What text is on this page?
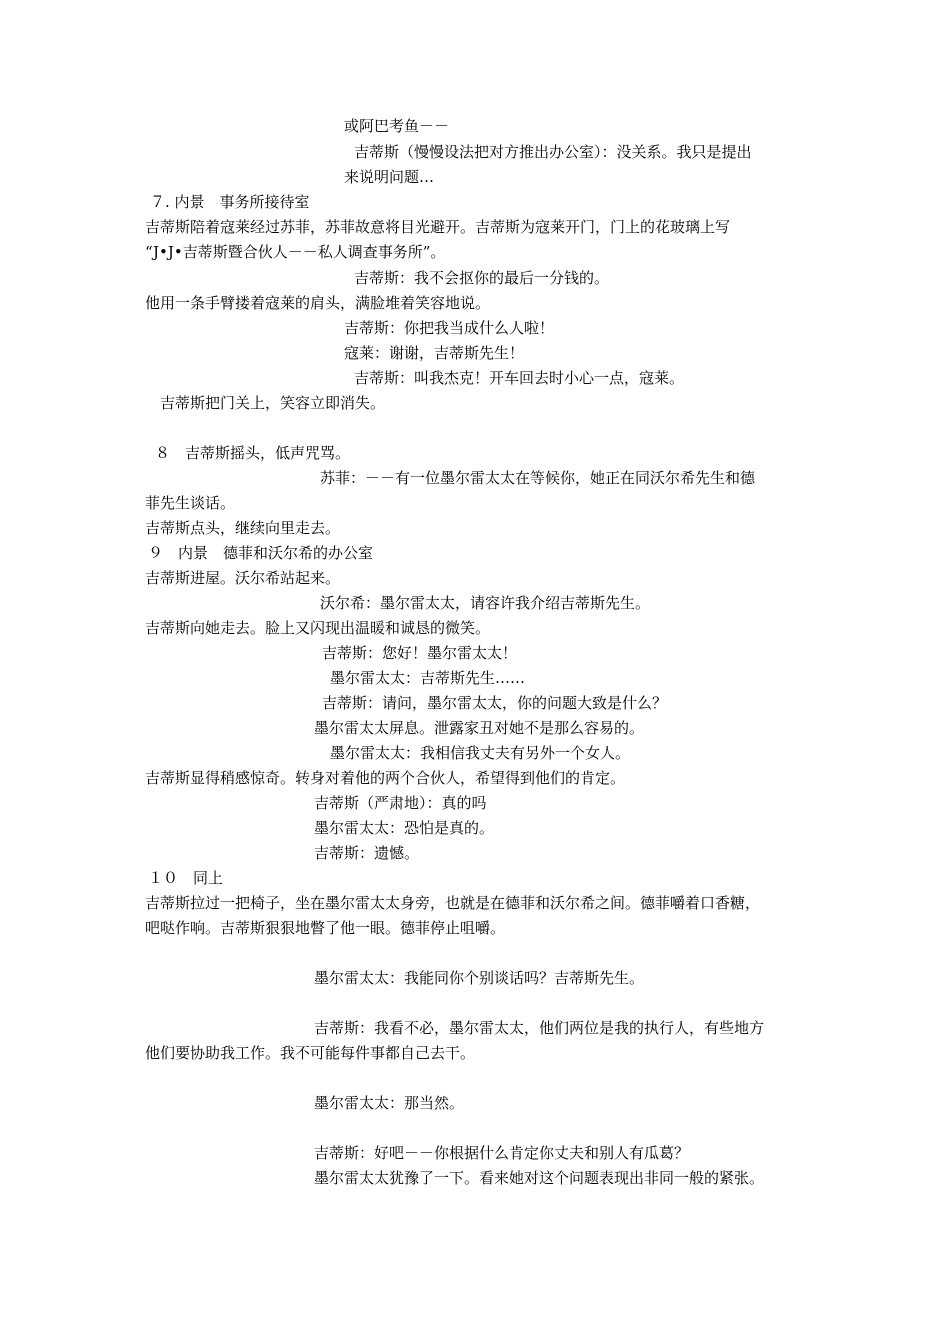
或阿巴考鱼－－

吉蒂斯（慢慢设法把对方推出办公室）：没关系。我只是提出

来说明问题…

７. 内景　事务所接待室

吉蒂斯陪着寇莱经过苏菲，苏菲故意将目光避开。吉蒂斯为寇莱开门，门上的花玻璃上写

“J•J•吉蒂斯暨合伙人－－私人调查事务所”。

吉蒂斯：我不会抠你的最后一分钱的。

他用一条手臂搂着寇莱的肩头，满脸堆着笑容地说。

吉蒂斯：你把我当成什么人啦！

寇莱：谢谢，吉蒂斯先生！

吉蒂斯：叫我杰克！开车回去时小心一点，寇莱。

吉蒂斯把门关上，笑容立即消失。

８　吉蒂斯摇头，低声咒骂。

苏菲：－－有一位墨尔雷太太在等候你，她正在同沃尔希先生和德

菲先生谈话。

吉蒂斯点头，继续向里走去。

９　内景　德菲和沃尔希的办公室

吉蒂斯进屋。沃尔希站起来。

沃尔希：墨尔雷太太，请容许我介绍吉蒂斯先生。

吉蒂斯向她走去。脸上又闪现出温暖和诚恳的微笑。

吉蒂斯：您好！墨尔雷太太！

墨尔雷太太：吉蒂斯先生……

吉蒂斯：请问，墨尔雷太太，你的问题大致是什么？

墨尔雷太太屏息。泄露家丑对她不是那么容易的。

墨尔雷太太：我相信我丈夫有另外一个女人。

吉蒂斯显得稍感惊奇。转身对着他的两个合伙人，希望得到他们的肯定。

吉蒂斯（严肃地）：真的吗

墨尔雷太太：恐怕是真的。

吉蒂斯：遗憾。

１０　同上

吉蒂斯拉过一把椅子，坐在墨尔雷太太身旁，也就是在德菲和沃尔希之间。德菲嚼着口香糖，

吧哒作响。吉蒂斯狠狠地瞥了他一眼。德菲停止咀嚼。

墨尔雷太太：我能同你个别谈话吗？吉蒂斯先生。

吉蒂斯：我看不必，墨尔雷太太，他们两位是我的执行人，有些地方

他们要协助我工作。我不可能每件事都自己去干。

墨尔雷太太：那当然。

吉蒂斯：好吧－－你根据什么肯定你丈夫和别人有瓜葛？

墨尔雷太太犹豫了一下。看来她对这个问题表现出非同一般的紧张。
